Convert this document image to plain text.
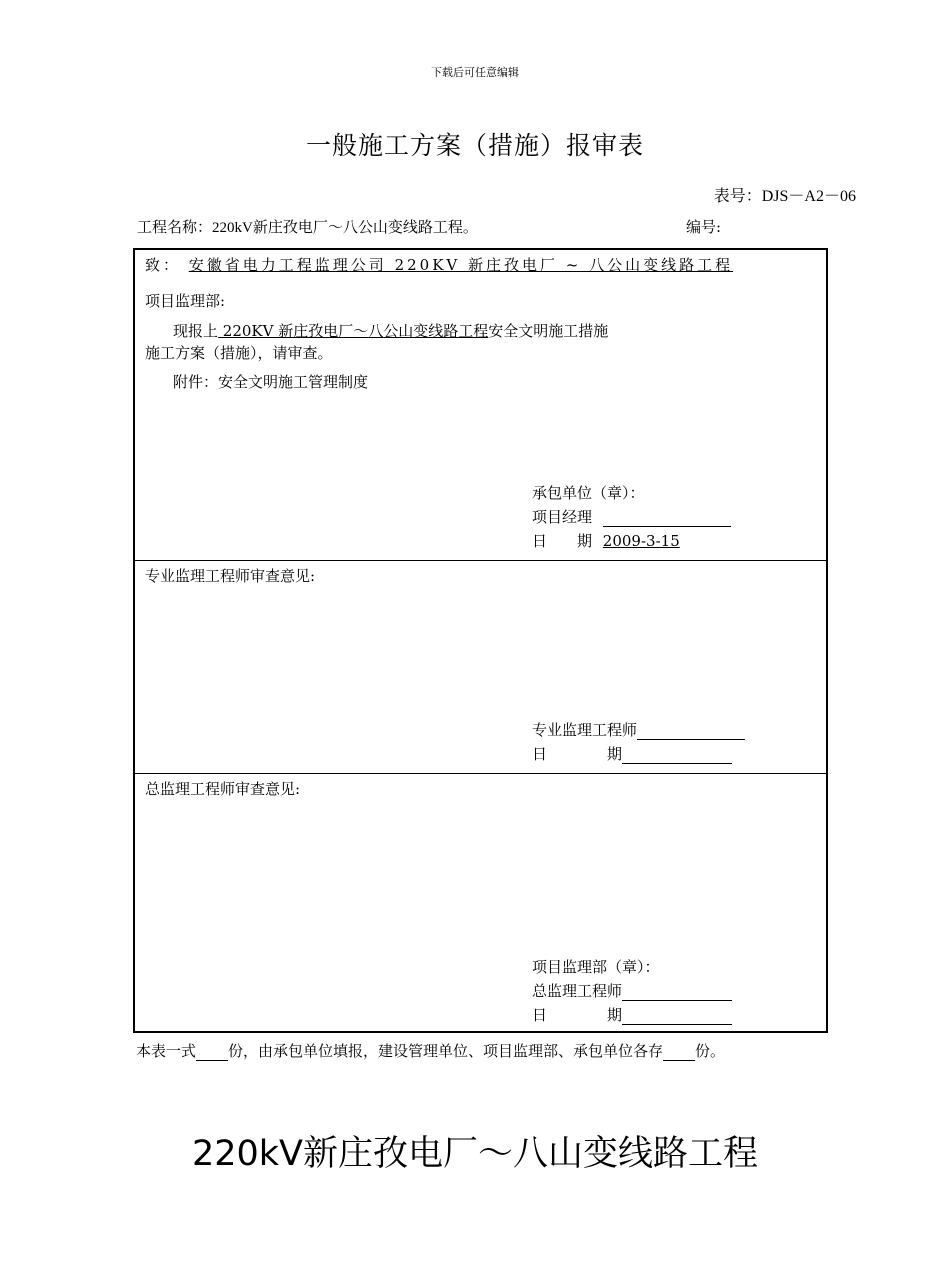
下载后可任意编辑
一般施工方案（措施）报审表
表号：DJS－A2－06
工程名称：220kV新庄孜电厂～八公山变线路工程。	编号:
致： 安徽省电力工程监理公司 220KV 新庄孜电厂 ~ 八公山变线路工程
项目监理部:
现报上 220KV 新庄孜电厂～八公山变线路工程安全文明施工措施
施工方案（措施），请审查。
附件：安全文明施工管理制度
承包单位（章）：
项目经理
日　　期 2009-3-15
专业监理工程师审查意见:
专业监理工程师
日　　　　期
总监理工程师审查意见:
项目监理部（章）：
总监理工程师
日　　　　期
本表一式 份，由承包单位填报，建设管理单位、项目监理部、承包单位各存 份。
220kV新庄孜电厂～八山变线路工程
